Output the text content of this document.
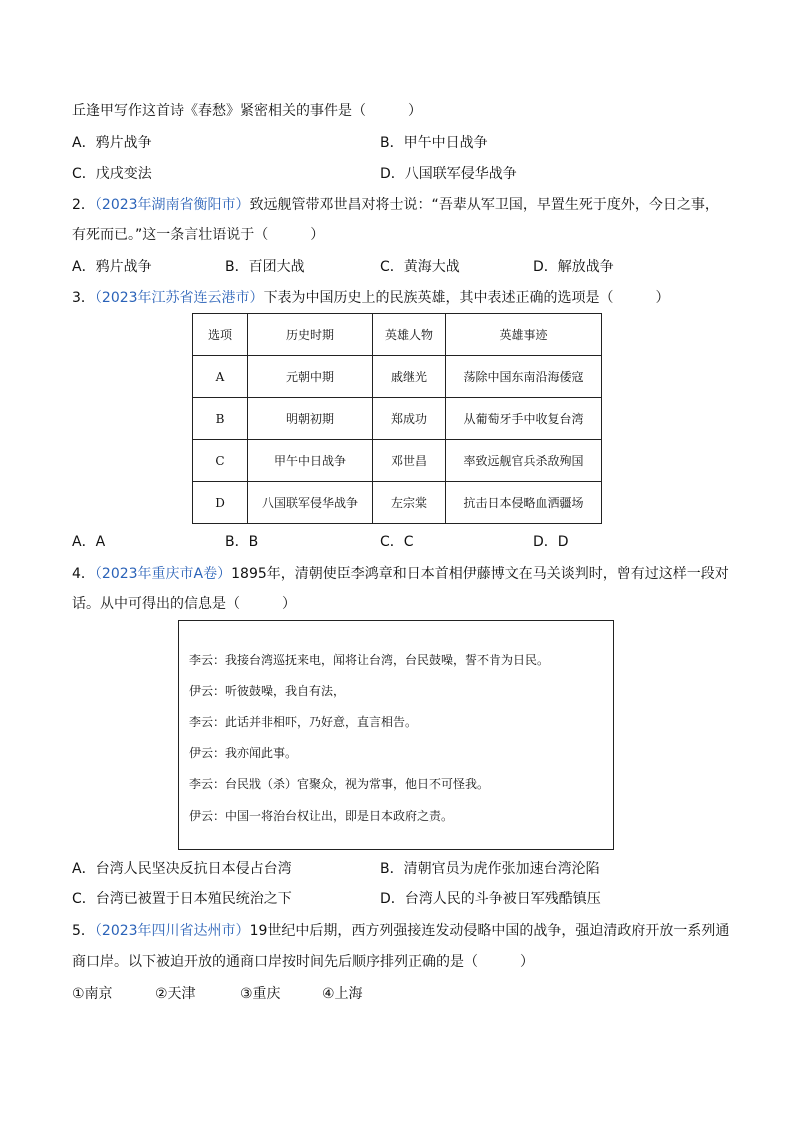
丘逢甲写作这首诗《春愁》紧密相关的事件是（　　　）
A．鸦片战争	B．甲午中日战争
C．戊戌变法	D．八国联军侵华战争
2．（2023年湖南省衡阳市）致远舰管带邓世昌对将士说：“吾辈从军卫国，早置生死于度外，今日之事，
有死而已。”这一条言壮语说于（　　　）
A．鸦片战争	B．百团大战	C．黄海大战	D．解放战争
3．（2023年江苏省连云港市）下表为中国历史上的民族英雄，其中表述正确的选项是（　　　）
选项	历史时期	英雄人物	英雄事迹
A	元朝中期	戚继光	荡除中国东南沿海倭寇
B	明朝初期	郑成功	从葡萄牙手中收复台湾
C	甲午中日战争	邓世昌	率致远舰官兵杀敌殉国
D	八国联军侵华战争	左宗棠	抗击日本侵略血洒疆场
A．A	B．B	C．C	D．D
4．（2023年重庆市A卷）1895年，清朝使臣李鸿章和日本首相伊藤博文在马关谈判时，曾有过这样一段对
话。从中可得出的信息是（　　　）
李云：我接台湾巡抚来电，闻将让台湾，台民鼓噪，誓不肯为日民。
伊云：听彼鼓噪，我自有法，
李云：此话并非相吓，乃好意，直言相告。
伊云：我亦闻此事。
李云：台民戕（杀）官聚众，视为常事，他日不可怪我。
伊云：中国一将治台权让出，即是日本政府之责。
A．台湾人民坚决反抗日本侵占台湾	B．清朝官员为虎作张加速台湾沦陷
C．台湾已被置于日本殖民统治之下	D．台湾人民的斗争被日军残酷镇压
5．（2023年四川省达州市）19世纪中后期，西方列强接连发动侵略中国的战争，强迫清政府开放一系列通
商口岸。以下被迫开放的通商口岸按时间先后顺序排列正确的是（　　　）
①南京	②天津	③重庆	④上海
